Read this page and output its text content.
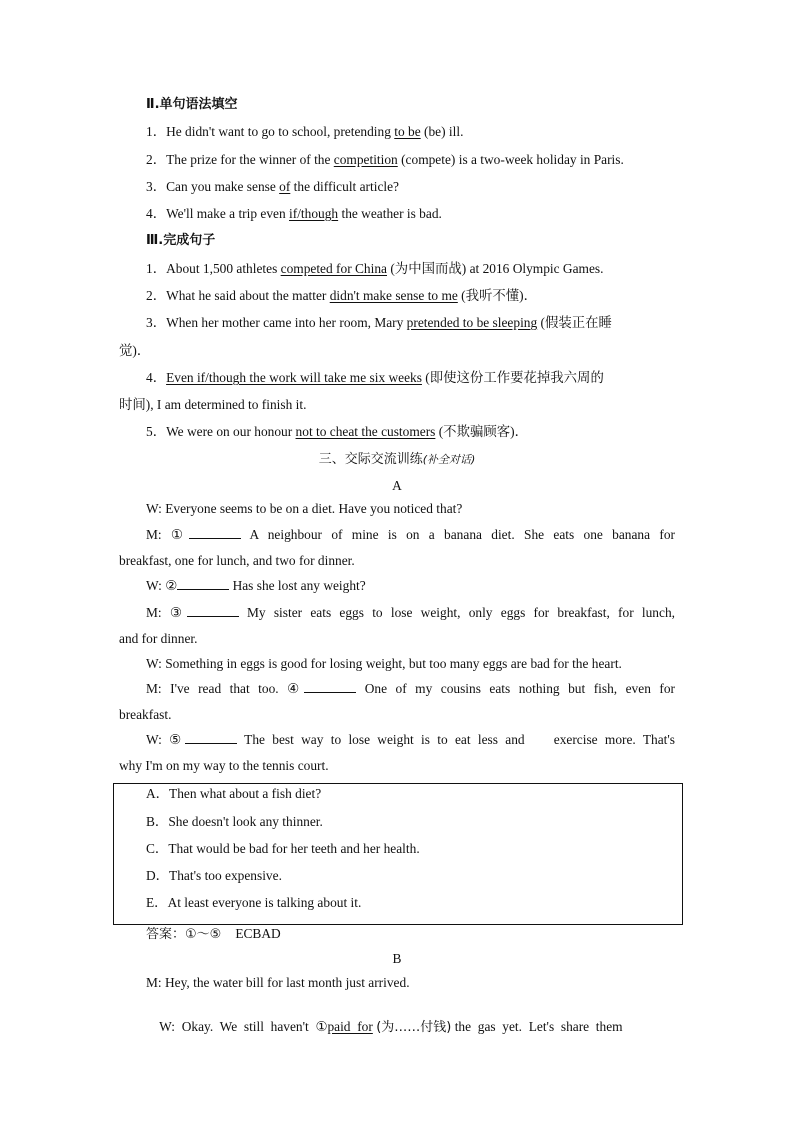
Ⅱ.单句语法填空
1．He didn't want to go to school, pretending to be (be) ill.
2．The prize for the winner of the competition (compete) is a two-week holiday in Paris.
3．Can you make sense of the difficult article?
4．We'll make a trip even if/though the weather is bad.
Ⅲ.完成句子
1．About 1,500 athletes competed for China (为中国而战) at 2016 Olympic Games.
2．What he said about the matter didn't make sense to me (我听不懂)．
3．When her mother came into her room, Mary pretended to be sleeping (假装正在睡
觉)．
4．Even if/though the work will take me six weeks (即使这份工作要花掉我六周的
时间), I am determined to finish it.
5．We were on our honour not to cheat the customers (不欺骗顾客)．
三、交际交流训练(补全对话)
A
W: Everyone seems to be on a diet. Have you noticed that?
M: ①	A neighbour of mine is on a banana diet. She eats one banana for
breakfast, one for lunch, and two for dinner.
W: ②	Has she lost any weight?
M: ③	My sister eats eggs to lose weight, only eggs for breakfast, for lunch,
and for dinner.
W: Something in eggs is good for losing weight, but too many eggs are bad for the heart.
M: I've read that too. ④	One of my cousins eats nothing but fish, even for
breakfast.
W: ⑤	The best way to lose weight is to eat less and    exercise more. That's
why I'm on my way to the tennis court.
A．Then what about a fish diet?
B．She doesn't look any thinner.
C．That would be bad for her teeth and her health.
D．That's too expensive.
E．At least everyone is talking about it.
答案：①～⑤ ECBAD
B
M: Hey, the water bill for last month just arrived.

W:  Okay.  We  still  haven't  ①paid  for (为……付钱) the  gas  yet.  Let's  share  them
